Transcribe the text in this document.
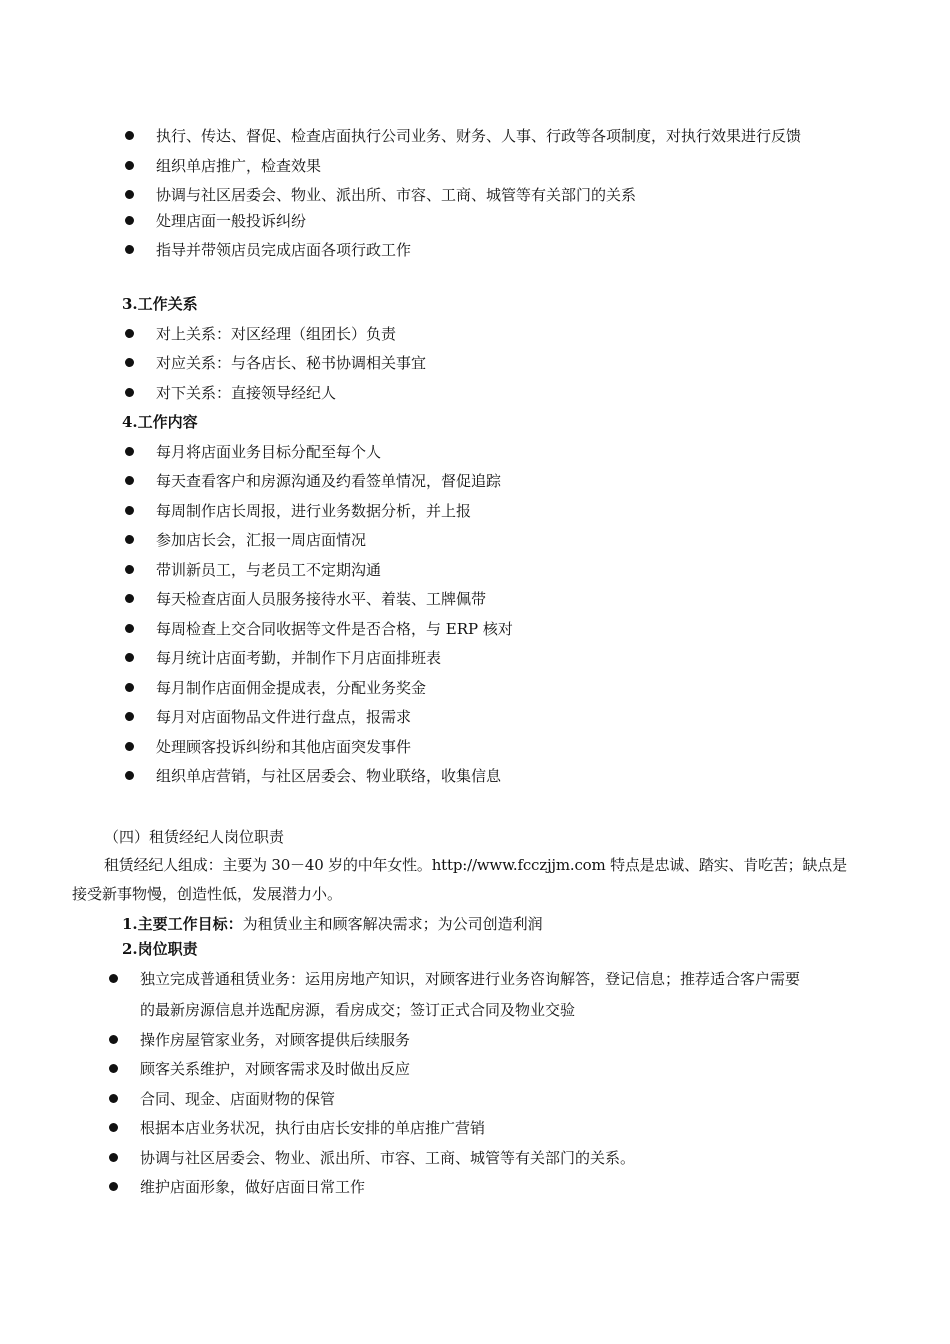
执行、传达、督促、检查店面执行公司业务、财务、人事、行政等各项制度，对执行效果进行反馈
组织单店推广，检查效果
协调与社区居委会、物业、派出所、市容、工商、城管等有关部门的关系
处理店面一般投诉纠纷
指导并带领店员完成店面各项行政工作
3.工作关系
对上关系：对区经理（组团长）负责
对应关系：与各店长、秘书协调相关事宜
对下关系：直接领导经纪人
4.工作内容
每月将店面业务目标分配至每个人
每天查看客户和房源沟通及约看签单情况，督促追踪
每周制作店长周报，进行业务数据分析，并上报
参加店长会，汇报一周店面情况
带训新员工，与老员工不定期沟通
每天检查店面人员服务接待水平、着装、工牌佩带
每周检查上交合同收据等文件是否合格，与 ERP 核对
每月统计店面考勤，并制作下月店面排班表
每月制作店面佣金提成表，分配业务奖金
每月对店面物品文件进行盘点，报需求
处理顾客投诉纠纷和其他店面突发事件
组织单店营销，与社区居委会、物业联络，收集信息
（四）租赁经纪人岗位职责
租赁经纪人组成：主要为 30－40 岁的中年女性。http://www.fcczjjm.com 特点是忠诚、踏实、肯吃苦；缺点是
接受新事物慢，创造性低，发展潜力小。
1.主要工作目标：为租赁业主和顾客解决需求；为公司创造利润
2.岗位职责
独立完成普通租赁业务：运用房地产知识，对顾客进行业务咨询解答，登记信息；推荐适合客户需要
的最新房源信息并选配房源，看房成交；签订正式合同及物业交验
操作房屋管家业务，对顾客提供后续服务
顾客关系维护，对顾客需求及时做出反应
合同、现金、店面财物的保管
根据本店业务状况，执行由店长安排的单店推广营销
协调与社区居委会、物业、派出所、市容、工商、城管等有关部门的关系。
维护店面形象，做好店面日常工作
